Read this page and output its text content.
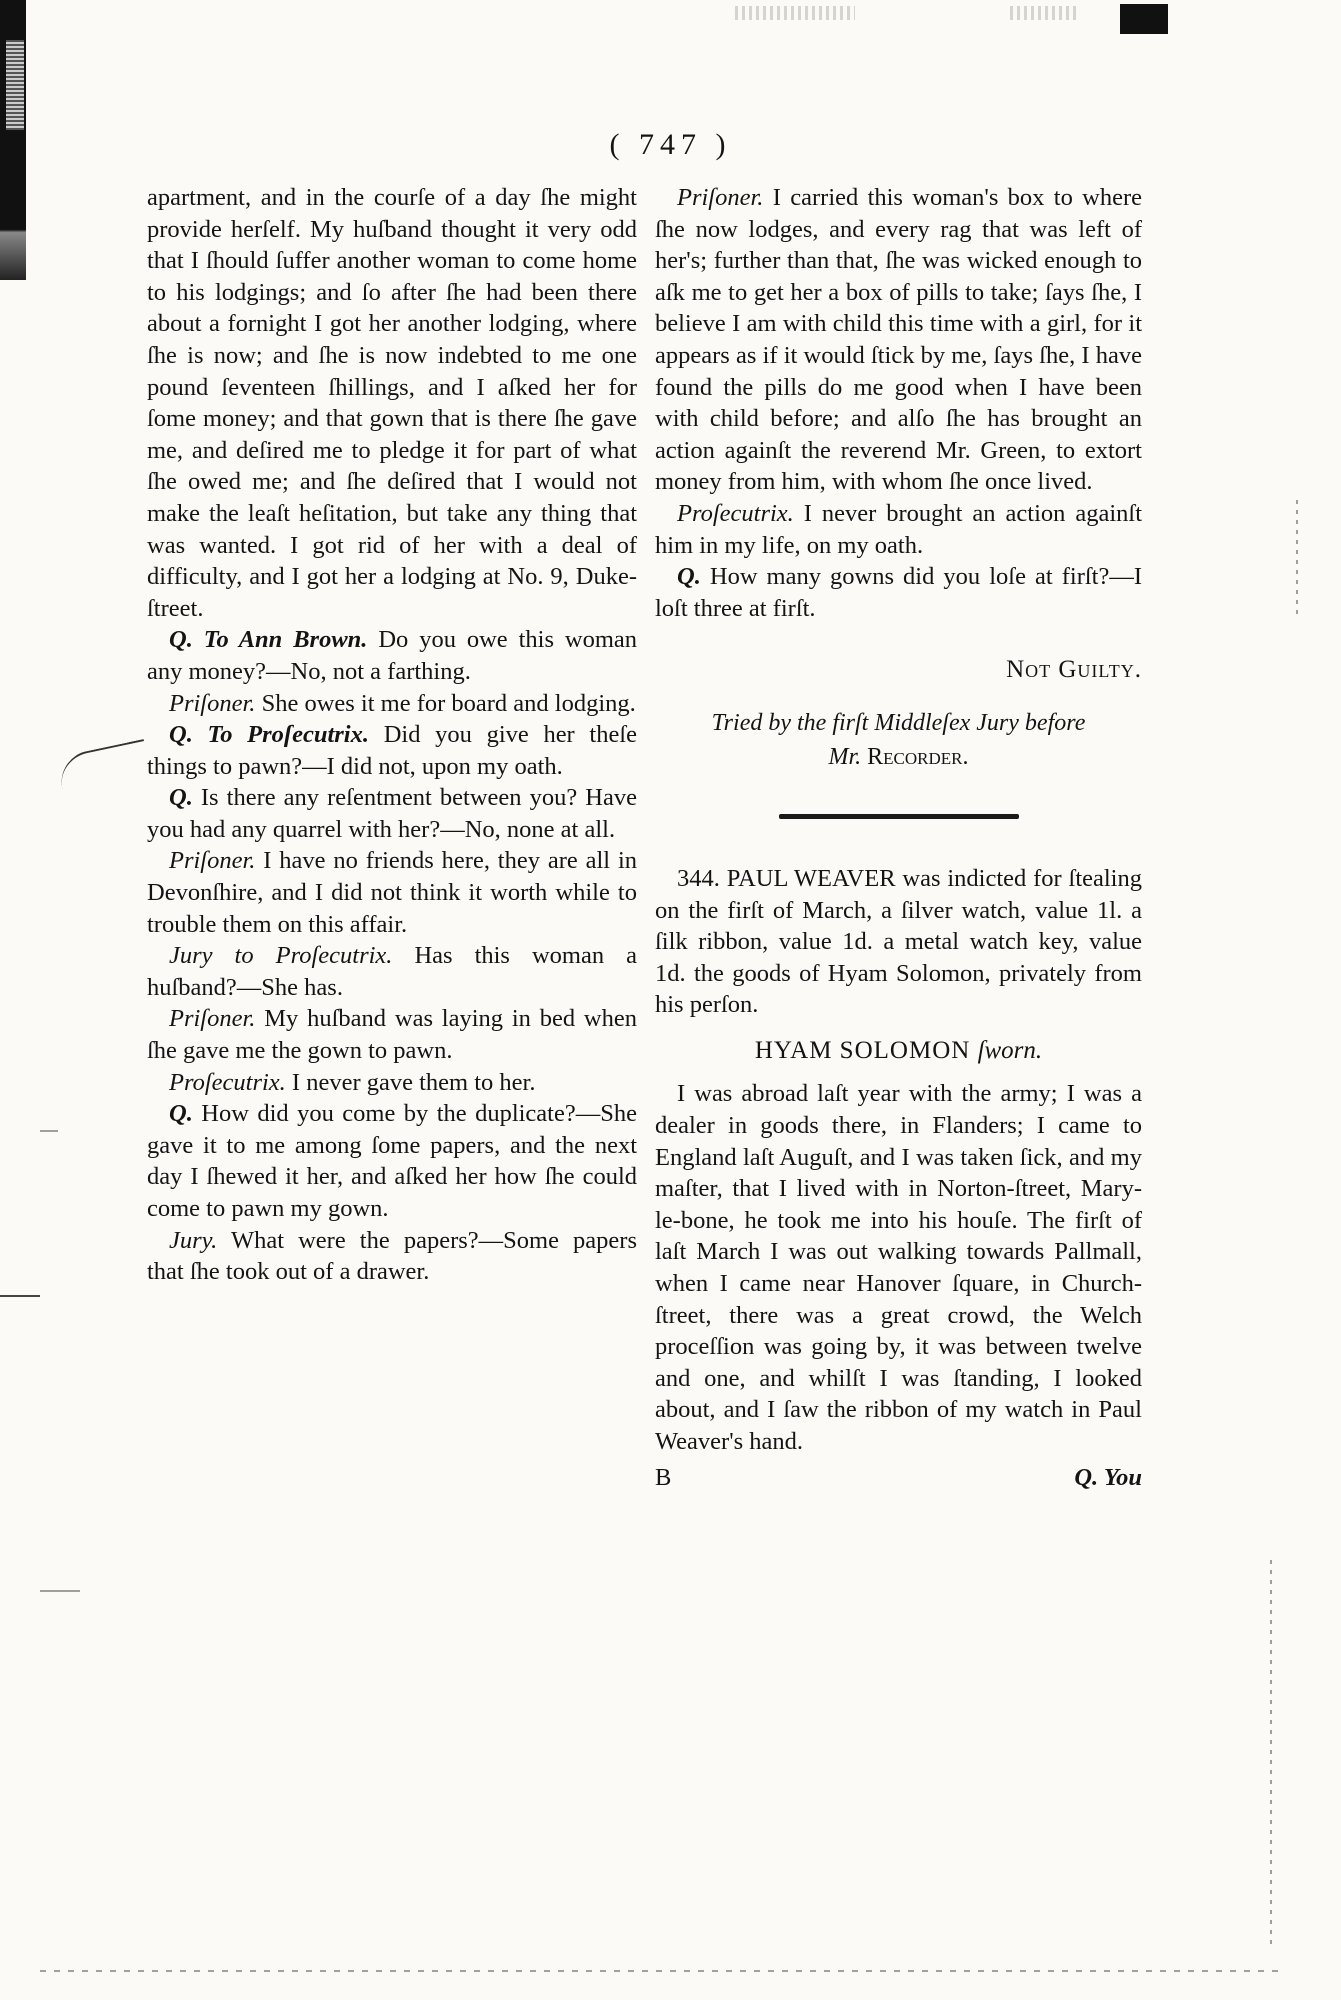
( 747 )

apartment, and in the courſe of a day ſhe might provide herſelf. My huſband thought it very odd that I ſhould ſuffer another woman to come home to his lodgings; and ſo after ſhe had been there about a fornight I got her another lodging, where ſhe is now; and ſhe is now indebted to me one pound ſeventeen ſhillings, and I aſked her for ſome money; and that gown that is there ſhe gave me, and deſired me to pledge it for part of what ſhe owed me; and ſhe deſired that I would not make the leaſt heſitation, but take any thing that was wanted. I got rid of her with a deal of difficulty, and I got her a lodging at No. 9, Duke-ſtreet.

Q. To Ann Brown. Do you owe this woman any money?—No, not a farthing.

Priſoner. She owes it me for board and lodging.

Q. To Proſecutrix. Did you give her theſe things to pawn?—I did not, upon my oath.

Q. Is there any reſentment between you? Have you had any quarrel with her?—No, none at all.

Priſoner. I have no friends here, they are all in Devonſhire, and I did not think it worth while to trouble them on this affair.

Jury to Proſecutrix. Has this woman a huſband?—She has.

Priſoner. My huſband was laying in bed when ſhe gave me the gown to pawn.

Proſecutrix. I never gave them to her.

Q. How did you come by the duplicate?—She gave it to me among ſome papers, and the next day I ſhewed it her, and aſked her how ſhe could come to pawn my gown.

Jury. What were the papers?—Some papers that ſhe took out of a drawer.

Priſoner. I carried this woman's box to where ſhe now lodges, and every rag that was left of her's; further than that, ſhe was wicked enough to aſk me to get her a box of pills to take; ſays ſhe, I believe I am with child this time with a girl, for it appears as if it would ſtick by me, ſays ſhe, I have found the pills do me good when I have been with child before; and alſo ſhe has brought an action againſt the reverend Mr. Green, to extort money from him, with whom ſhe once lived.

Proſecutrix. I never brought an action againſt him in my life, on my oath.

Q. How many gowns did you loſe at firſt?—I loſt three at firſt.

Not Guilty.

Tried by the firſt Middleſex Jury before
Mr. Recorder.

344. PAUL WEAVER was indicted for ſtealing on the firſt of March, a ſilver watch, value 1l. a ſilk ribbon, value 1d. a metal watch key, value 1d. the goods of Hyam Solomon, privately from his perſon.

HYAM SOLOMON ſworn.

I was abroad laſt year with the army; I was a dealer in goods there, in Flanders; I came to England laſt Auguſt, and I was taken ſick, and my maſter, that I lived with in Norton-ſtreet, Mary-le-bone, he took me into his houſe. The firſt of laſt March I was out walking towards Pallmall, when I came near Hanover ſquare, in Church-ſtreet, there was a great crowd, the Welch proceſſion was going by, it was between twelve and one, and whilſt I was ſtanding, I looked about, and I ſaw the ribbon of my watch in Paul Weaver's hand.

B	Q. You
